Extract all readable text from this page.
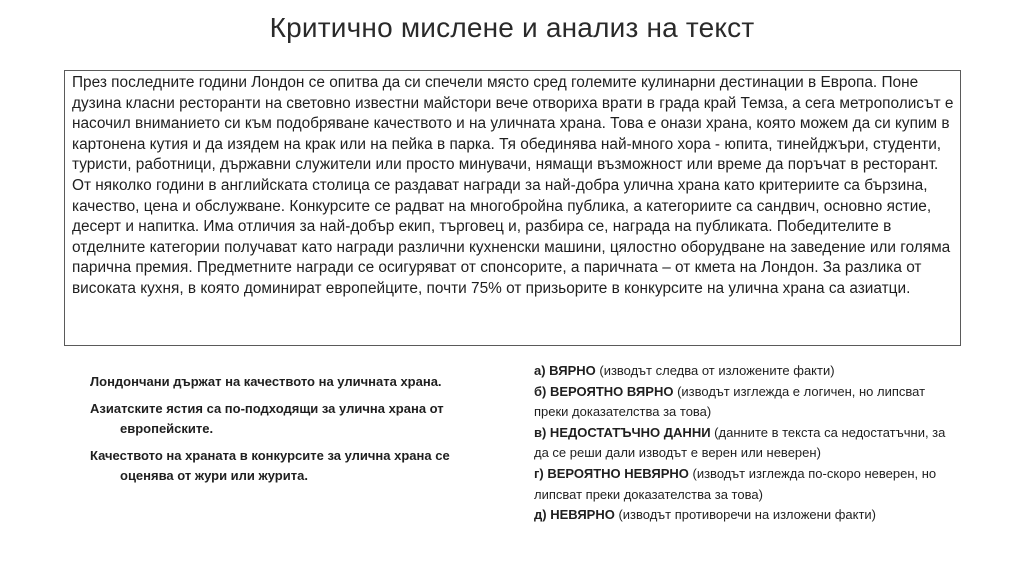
Критично мислене и анализ на текст
През последните години Лондон се опитва да си спечели място сред големите кулинарни дестинации в Европа. Поне дузина класни ресторанти на световно известни майстори вече отвориха врати в града край Темза, а сега метрополисът е насочил вниманието си към подобряване качеството и на уличната храна. Това е онази храна, която можем да си купим в картонена кутия и да изядем на крак или на пейка в парка. Тя обединява най-много хора - юпита, тинейджъри, студенти, туристи, работници, държавни служители или просто минувачи, нямащи възможност или време да поръчат в ресторант. От няколко години в английската столица се раздават награди за най-добра улична храна като критериите са бързина, качество, цена и обслужване. Конкурсите се радват на многобройна публика, а категориите са сандвич, основно ястие, десерт и напитка. Има отличия за най-добър екип, търговец и, разбира се, награда на публиката. Победителите в отделните категории получават като награди различни кухненски машини, цялостно оборудване на заведение или голяма парична премия. Предметните награди се осигуряват от спонсорите, а паричната – от кмета на Лондон. За разлика от високата кухня, в която доминират европейците, почти 75% от призьорите в конкурсите на улична храна са азиатци.
Лондончани държат на качеството на уличната храна.
Азиатските ястия са по-подходящи за улична храна от европейските.
Качеството на храната в конкурсите за улична храна се оценява от жури или журита.
а) ВЯРНО (изводът следва от изложените факти)
б) ВЕРОЯТНО ВЯРНО (изводът изглежда е логичен, но липсват преки доказателства за това)
в) НЕДОСТАТЪЧНО ДАННИ (данните в текста са недостатъчни, за да се реши дали изводът е верен или неверен)
г) ВЕРОЯТНО НЕВЯРНО (изводът изглежда по-скоро неверен, но липсват преки доказателства за това)
д) НЕВЯРНО (изводът противоречи на изложени факти)
